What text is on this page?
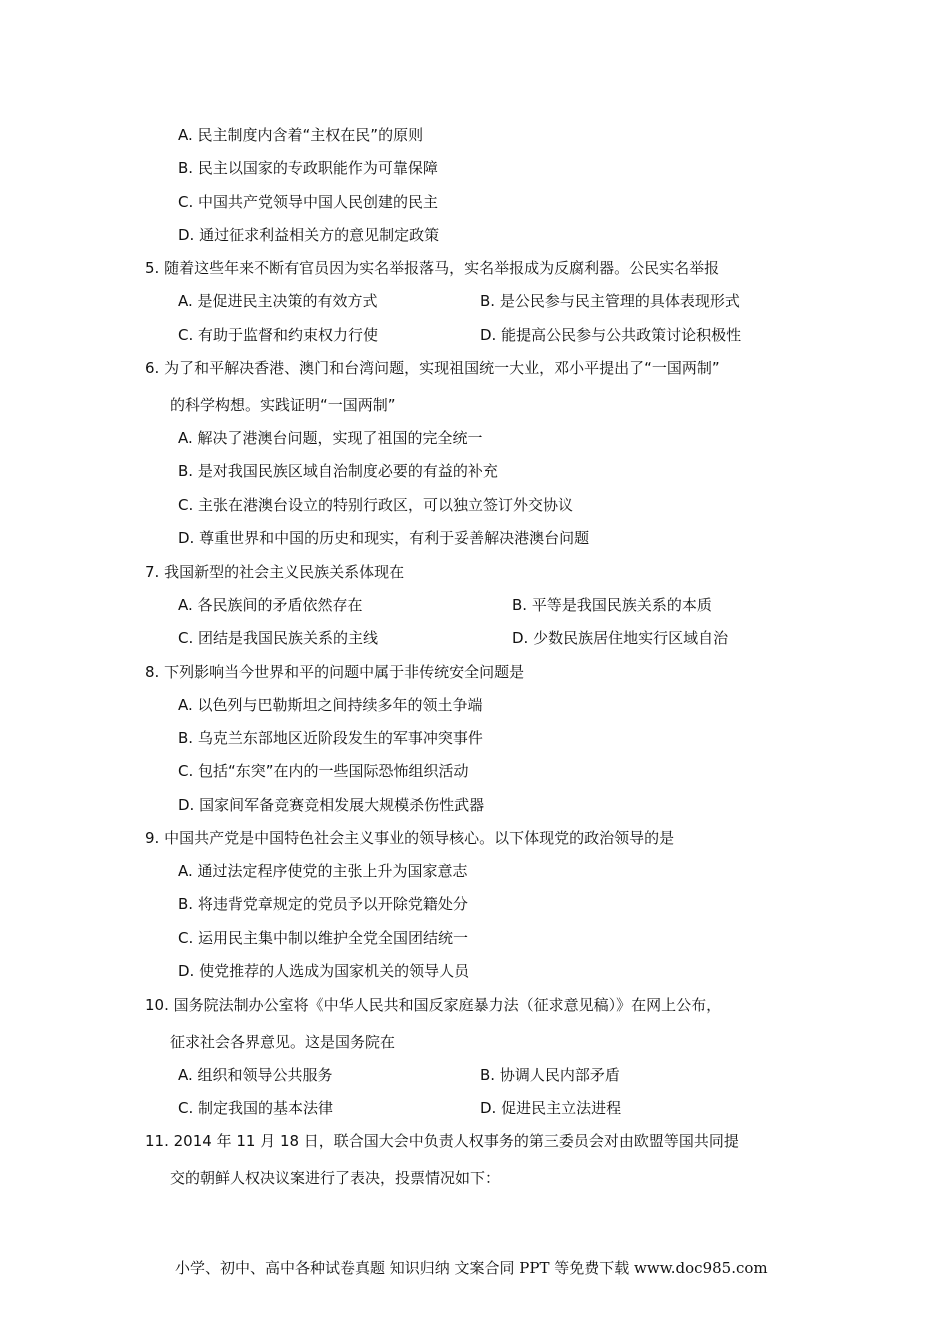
A. 民主制度内含着“主权在民”的原则
B. 民主以国家的专政职能作为可靠保障
C. 中国共产党领导中国人民创建的民主
D. 通过征求利益相关方的意见制定政策
5. 随着这些年来不断有官员因为实名举报落马，实名举报成为反腐利器。公民实名举报
A. 是促进民主决策的有效方式	B. 是公民参与民主管理的具体表现形式
C. 有助于监督和约束权力行使	D. 能提高公民参与公共政策讨论积极性
6. 为了和平解决香港、澳门和台湾问题，实现祖国统一大业，邓小平提出了“一国两制”
的科学构想。实践证明“一国两制”
A. 解决了港澳台问题，实现了祖国的完全统一
B. 是对我国民族区域自治制度必要的有益的补充
C. 主张在港澳台设立的特别行政区，可以独立签订外交协议
D. 尊重世界和中国的历史和现实，有利于妥善解决港澳台问题
7. 我国新型的社会主义民族关系体现在
A. 各民族间的矛盾依然存在	B. 平等是我国民族关系的本质
C. 团结是我国民族关系的主线	D. 少数民族居住地实行区域自治
8. 下列影响当今世界和平的问题中属于非传统安全问题是
A. 以色列与巴勒斯坦之间持续多年的领土争端
B. 乌克兰东部地区近阶段发生的军事冲突事件
C. 包括“东突”在内的一些国际恐怖组织活动
D. 国家间军备竞赛竞相发展大规模杀伤性武器
9. 中国共产党是中国特色社会主义事业的领导核心。以下体现党的政治领导的是
A. 通过法定程序使党的主张上升为国家意志
B. 将违背党章规定的党员予以开除党籍处分
C. 运用民主集中制以维护全党全国团结统一
D. 使党推荐的人选成为国家机关的领导人员
10. 国务院法制办公室将《中华人民共和国反家庭暴力法（征求意见稿）》在网上公布，
征求社会各界意见。这是国务院在
A. 组织和领导公共服务	B. 协调人民内部矛盾
C. 制定我国的基本法律	D. 促进民主立法进程
11. 2014 年 11 月 18 日，联合国大会中负责人权事务的第三委员会对由欧盟等国共同提
交的朝鲜人权决议案进行了表决，投票情况如下：
小学、初中、高中各种试卷真题 知识归纳 文案合同 PPT 等免费下载 www.doc985.com
